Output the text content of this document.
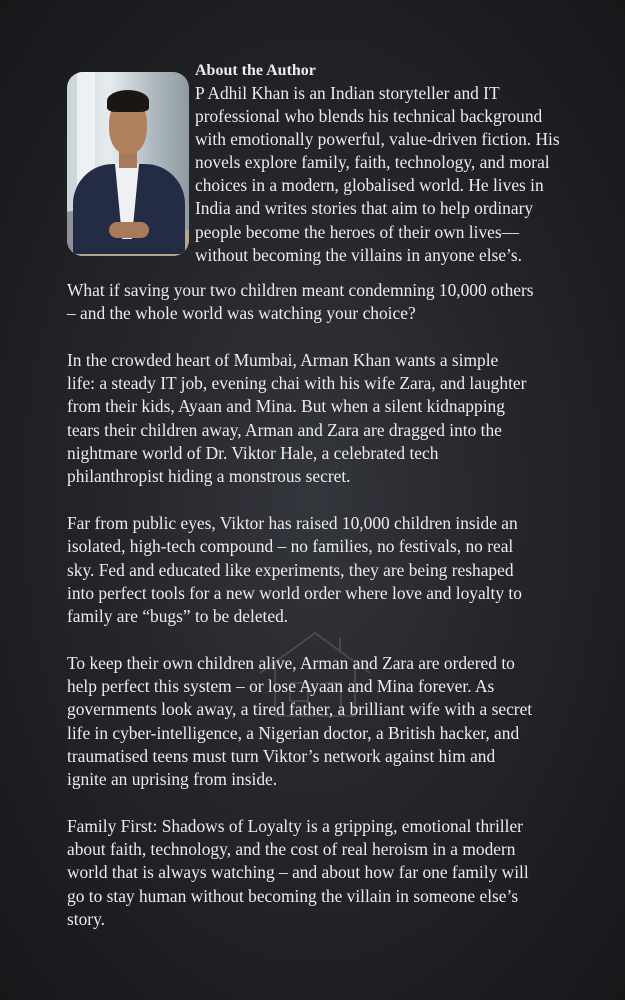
About the Author
P Adhil Khan is an Indian storyteller and IT
professional who blends his technical background
with emotionally powerful, value-driven fiction. His
novels explore family, faith, technology, and moral
choices in a modern, globalised world. He lives in
India and writes stories that aim to help ordinary
people become the heroes of their own lives—
without becoming the villains in anyone else’s.

What if saving your two children meant condemning 10,000 others
– and the whole world was watching your choice?

In the crowded heart of Mumbai, Arman Khan wants a simple
life: a steady IT job, evening chai with his wife Zara, and laughter
from their kids, Ayaan and Mina. But when a silent kidnapping
tears their children away, Arman and Zara are dragged into the
nightmare world of Dr. Viktor Hale, a celebrated tech
philanthropist hiding a monstrous secret.

Far from public eyes, Viktor has raised 10,000 children inside an
isolated, high-tech compound – no families, no festivals, no real
sky. Fed and educated like experiments, they are being reshaped
into perfect tools for a new world order where love and loyalty to
family are “bugs” to be deleted.

To keep their own children alive, Arman and Zara are ordered to
help perfect this system – or lose Ayaan and Mina forever. As
governments look away, a tired father, a brilliant wife with a secret
life in cyber-intelligence, a Nigerian doctor, a British hacker, and
traumatised teens must turn Viktor’s network against him and
ignite an uprising from inside.

Family First: Shadows of Loyalty is a gripping, emotional thriller
about faith, technology, and the cost of real heroism in a modern
world that is always watching – and about how far one family will
go to stay human without becoming the villain in someone else’s
story.
